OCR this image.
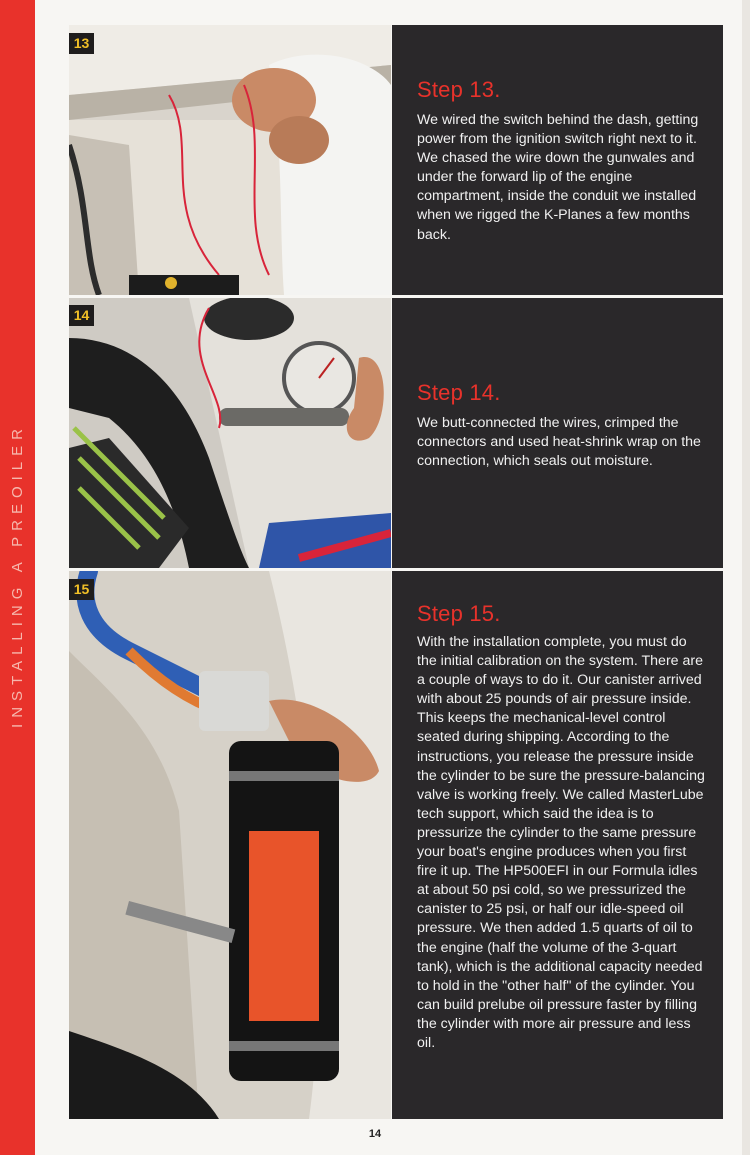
INSTALLING A PREOILER
13
Step 13.
We wired the switch behind the dash, getting power from the ignition switch right next to it. We chased the wire down the gunwales and under the forward lip of the engine compartment, inside the conduit we installed when we rigged the K-Planes a few months back.
14
Step 14.
We butt-connected the wires, crimped the connectors and used heat-shrink wrap on the connection, which seals out moisture.
15
Step 15.
With the installation complete, you must do the initial calibration on the system. There are a couple of ways to do it. Our canister arrived with about 25 pounds of air pressure inside. This keeps the mechanical-level control seated during shipping. According to the instructions, you release the pressure inside the cylinder to be sure the pressure-balancing valve is working freely. We called MasterLube tech support, which said the idea is to pressurize the cylinder to the same pressure your boat's engine produces when you first fire it up. The HP500EFI in our Formula idles at about 50 psi cold, so we pressurized the canister to 25 psi, or half our idle-speed oil pressure. We then added 1.5 quarts of oil to the engine (half the volume of the 3-quart tank), which is the additional capacity needed to hold in the "other half" of the cylinder. You can build prelube oil pressure faster by filling the cylinder with more air pressure and less oil.
14
